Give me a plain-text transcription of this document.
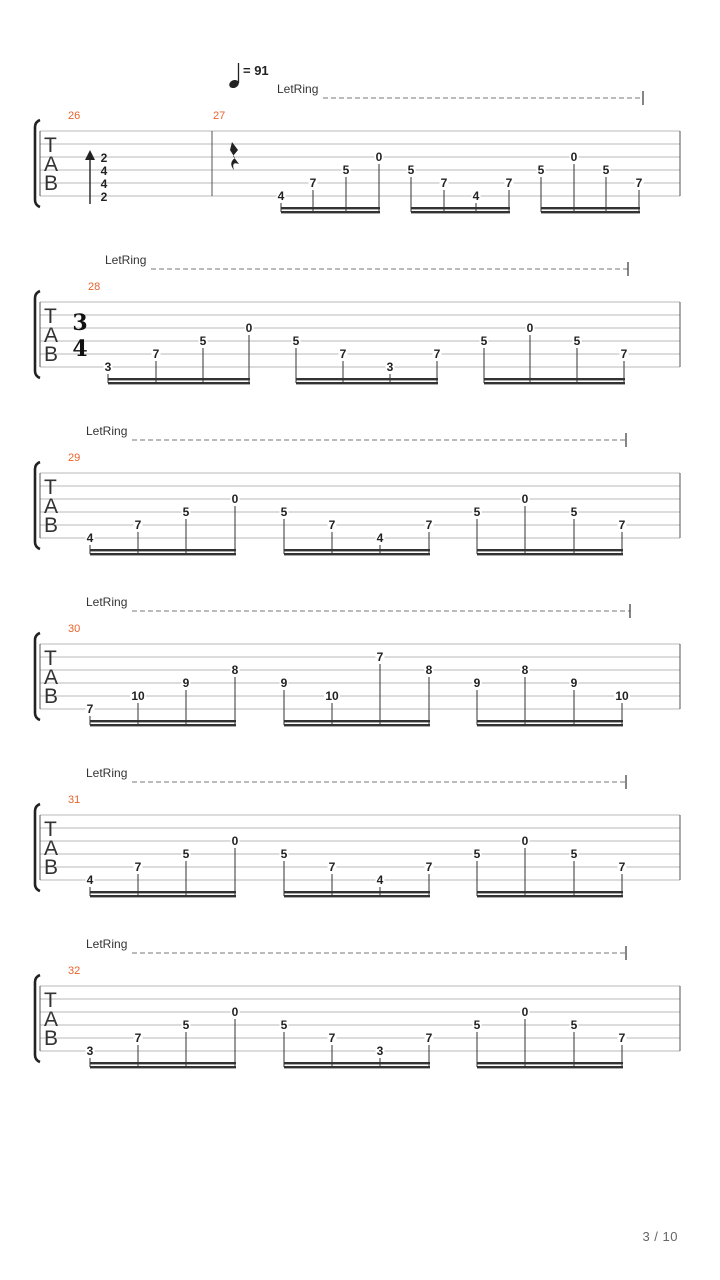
= 91
LetRing
T
A
B
26
2
4
4
2
27
4
7
5
0
5
7
4
7
5
0
5
7
LetRing
T
A
B
28
3
4
3
7
5
0
5
7
3
7
5
0
5
7
LetRing
T
A
B
29
4
7
5
0
5
7
4
7
5
0
5
7
LetRing
T
A
B
30
7
10
9
8
9
10
7
8
9
8
9
10
LetRing
T
A
B
31
4
7
5
0
5
7
4
7
5
0
5
7
LetRing
T
A
B
32
3
7
5
0
5
7
3
7
5
0
5
7
3 / 10
